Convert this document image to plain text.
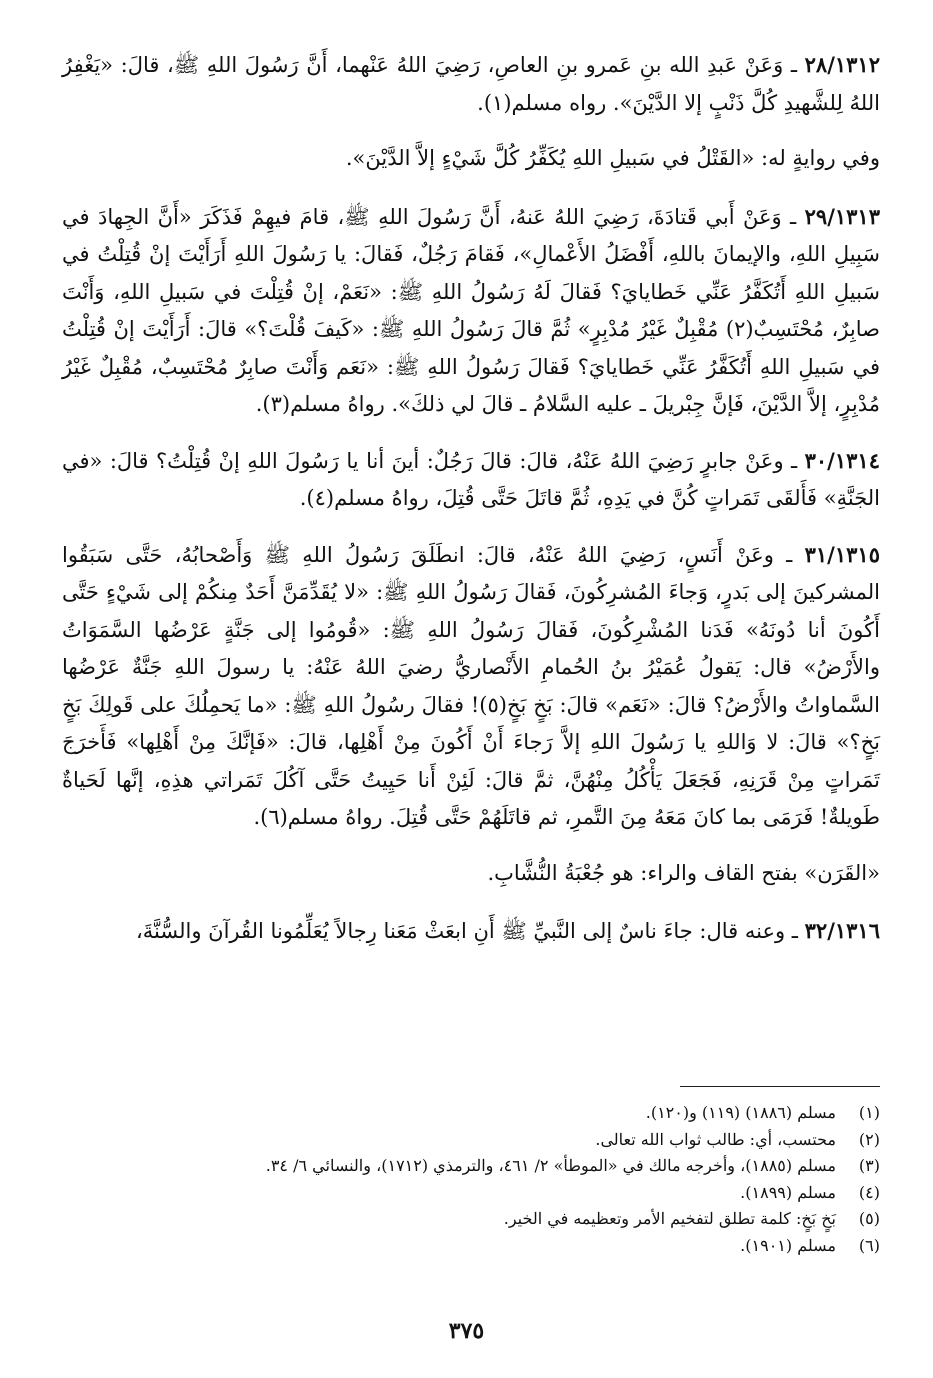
۲۸/۱۳۱۲ ـ وَعَنْ عَبدِ الله بنِ عَمرو بنِ العاصِ، رَضِيَ اللهُ عَنْهما، أَنَّ رَسُولَ اللهِ ﷺ، قالَ: «يَغْفِرُ اللهُ لِلشَّهيدِ كُلَّ ذَنْبٍ إلا الدَّيْنَ». رواه مسلم(١).

وفي روايةٍ له: «القَتْلُ في سَبيلِ اللهِ يُكَفِّرُ كُلَّ شَيْءٍ إلاَّ الدَّيْنَ».

۲۹/۱۳۱۳ ـ وَعَنْ أَبي قَتادَةَ، رَضِيَ اللهُ عَنهُ، أَنَّ رَسُولَ اللهِ ﷺ، قامَ فيهِمْ فَذَكَرَ «أَنَّ الجِهادَ في سَبِيلِ اللهِ، والإيمانَ باللهِ، أَفْضَلُ الأَعْمالِ»، فَقامَ رَجُلٌ، فَقالَ: يا رَسُولَ اللهِ أَرَأَيْتَ إنْ قُتِلْتُ في سَبيلِ اللهِ أَتُكَفَّرُ عَنِّي خَطايايَ؟ فَقالَ لَهُ رَسُولُ اللهِ ﷺ: «نَعَمْ، إنْ قُتِلْتَ في سَبيلِ اللهِ، وَأَنْتَ صابِرٌ، مُحْتَسِبٌ(٢) مُقْبِلٌ غَيْرُ مُدْبِرٍ» ثُمَّ قالَ رَسُولُ اللهِ ﷺ: «كَيفَ قُلْتَ؟» قالَ: أَرَأَيْتَ إنْ قُتِلْتُ في سَبيلِ اللهِ أَتُكَفَّرُ عَنِّي خَطايايَ؟ فَقالَ رَسُولُ اللهِ ﷺ: «نَعَم وَأَنْتَ صابِرٌ مُحْتَسِبٌ، مُقْبِلٌ غَيْرُ مُدْبِرٍ، إلاَّ الدَّيْنَ، فَإنَّ جِبْريلَ ـ عليه السَّلامُ ـ قالَ لي ذلكَ». رواهُ مسلم(٣).

۳۰/۱۳۱٤ ـ وعَنْ جابرٍ رَضِيَ اللهُ عَنْهُ، قالَ: قالَ رَجُلٌ: أينَ أنا يا رَسُولَ اللهِ إنْ قُتِلْتُ؟ قالَ: «في الجَنَّةِ» فَأَلقَى تَمَراتٍ كُنَّ في يَدِهِ، ثُمَّ قاتَلَ حَتَّى قُتِلَ، رواهُ مسلم(٤).

۳۱/۱۳۱٥ ـ وعَنْ أَنَسٍ، رَضِيَ اللهُ عَنْهُ، قالَ: انطَلَقَ رَسُولُ اللهِ ﷺ وَأَصْحابُهُ، حَتَّى سَبَقُوا المشركينَ إلى بَدرٍ، وَجاءَ المُشرِكُونَ، فَقالَ رَسُولُ اللهِ ﷺ: «لا يُقَدِّمَنَّ أَحَدٌ مِنكُمْ إلى شَيْءٍ حَتَّى أَكُونَ أنا دُونَهُ» فَدَنا المُشْرِكُونَ، فَقالَ رَسُولُ اللهِ ﷺ: «قُومُوا إلى جَنَّةٍ عَرْضُها السَّمَوَاتُ والأَرْضُ» قال: يَقولُ عُمَيْرُ بنُ الحُمامِ الأَنْصاريُّ رضيَ اللهُ عَنْهُ: يا رسولَ اللهِ جَنَّةٌ عَرْضُها السَّماواتُ والأَرْضُ؟ قالَ: «نَعَم» قالَ: بَخٍ بَخٍ(٥)! فقالَ رسُولُ اللهِ ﷺ: «ما يَحمِلُكَ على قَولِكَ بَخٍ بَخٍ؟» قالَ: لا وَاللهِ يا رَسُولَ اللهِ إلاَّ رَجاءَ أَنْ أَكُونَ مِنْ أَهْلِها، قالَ: «فَإنَّكَ مِنْ أَهْلِها» فَأَخرَجَ تَمَراتٍ مِنْ قَرَنِهِ، فَجَعَلَ يَأْكُلُ مِنْهُنَّ، ثمَّ قالَ: لَئِنْ أَنا حَيِيتُ حَتَّى آكُلَ تَمَراتي هذِهِ، إنَّها لَحَياةٌ طَويلةٌ! فَرَمَى بما كانَ مَعَهُ مِنَ التَّمرِ، ثم قاتَلَهُمْ حَتَّى قُتِلَ. رواهُ مسلم(٦).

«القَرَن» بفتح القاف والراء: هو جُعْبَةُ النُّشَّابِ.

۳۲/۱۳۱٦ ـ وعنه قال: جاءَ ناسٌ إلى النَّبيِّ ﷺ أَنِ ابعَثْ مَعَنا رِجالاً يُعَلِّمُونا القُرآنَ والسُّنَّةَ،

(١)
مسلم (١٨٨٦) (١١٩) و(١٢٠).
(٢)
محتسب، أي: طالب ثواب الله تعالى.
(٣)
مسلم (١٨٨٥)، وأخرجه مالك في «الموطأ» ٢/ ٤٦١، والترمذي (١٧١٢)، والنسائي ٦/ ٣٤.
(٤)
مسلم (١٨٩٩).
(٥)
بَخٍ بَخٍ: كلمة تطلق لتفخيم الأمر وتعظيمه في الخير.
(٦)
مسلم (١٩٠١).
٣٧٥
